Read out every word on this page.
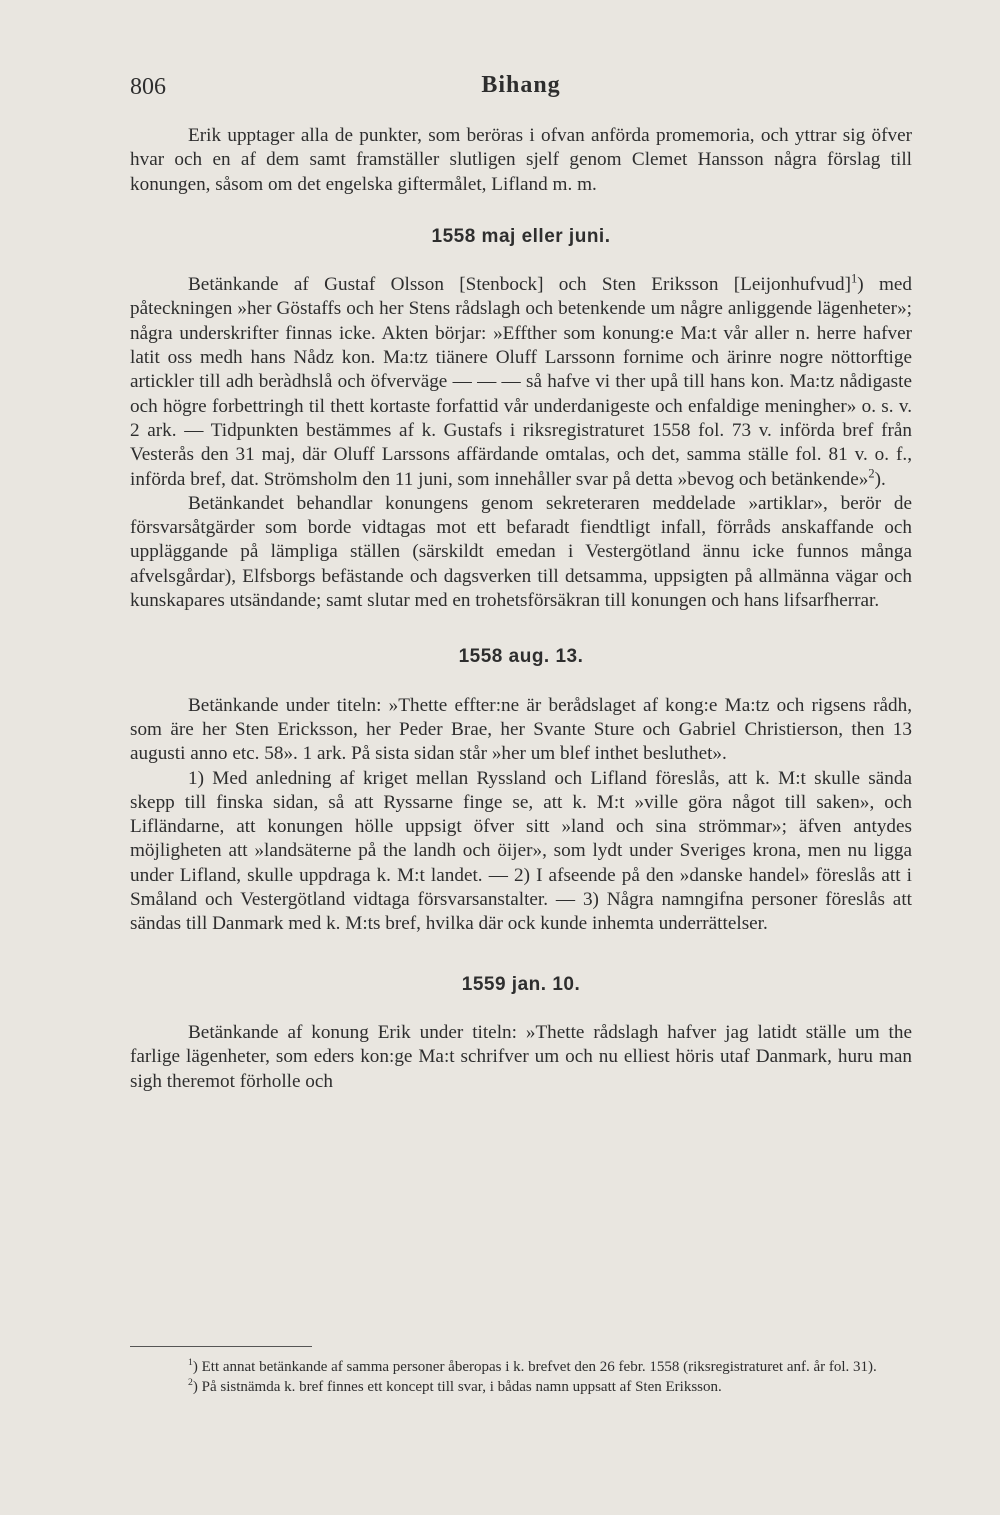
806	Bihang

Erik upptager alla de punkter, som beröras i ofvan anförda promemoria, och yttrar sig öfver hvar och en af dem samt framställer slutligen sjelf genom Clemet Hansson några förslag till konungen, såsom om det engelska giftermålet, Lifland m. m.

1558 maj eller juni.

Betänkande af Gustaf Olsson [Stenbock] och Sten Eriksson [Leijonhufvud]$^1$) med påteckningen »her Göstaffs och her Stens rådslagh och betenkende um någre anliggende lägenheter»; några underskrifter finnas icke. Akten börjar: »Effther som konung:e Ma:t vår aller n. herre hafver latit oss medh hans Nådz kon. Ma:tz tiänere Oluff Larssonn fornime och ärinre nogre nöttorftige artickler till adh beràdhslå och öfverväge — — — så hafve vi ther upå till hans kon. Ma:tz nådigaste och högre forbettringh til thett kortaste forfattid vår underdanigeste och enfaldige meningher» o. s. v. 2 ark. — Tidpunkten bestämmes af k. Gustafs i riksregistraturet 1558 fol. 73 v. införda bref från Vesterås den 31 maj, där Oluff Larssons affärdande omtalas, och det, samma ställe fol. 81 v. o. f., införda bref, dat. Strömsholm den 11 juni, som innehåller svar på detta »bevog och betänkende»$^2$).

Betänkandet behandlar konungens genom sekreteraren meddelade »artiklar», berör de försvarsåtgärder som borde vidtagas mot ett befaradt fiendtligt infall, förråds anskaffande och uppläggande på lämpliga ställen (särskildt emedan i Vestergötland ännu icke funnos många afvelsgårdar), Elfsborgs befästande och dagsverken till detsamma, uppsigten på allmänna vägar och kunskapares utsändande; samt slutar med en trohetsförsäkran till konungen och hans lifsarfherrar.

1558 aug. 13.

Betänkande under titeln: »Thette effter:ne är berådslaget af kong:e Ma:tz och rigsens rådh, som äre her Sten Ericksson, her Peder Brae, her Svante Sture och Gabriel Christierson, then 13 augusti anno etc. 58». 1 ark. På sista sidan står »her um blef inthet besluthet».

1) Med anledning af kriget mellan Ryssland och Lifland föreslås, att k. M:t skulle sända skepp till finska sidan, så att Ryssarne finge se, att k. M:t »ville göra något till saken», och Lifländarne, att konungen hölle uppsigt öfver sitt »land och sina strömmar»; äfven antydes möjligheten att »landsäterne på the landh och öijer», som lydt under Sveriges krona, men nu ligga under Lifland, skulle uppdraga k. M:t landet. — 2) I afseende på den »danske handel» föreslås att i Småland och Vestergötland vidtaga försvarsanstalter. — 3) Några namngifna personer föreslås att sändas till Danmark med k. M:ts bref, hvilka där ock kunde inhemta underrättelser.

1559 jan. 10.

Betänkande af konung Erik under titeln: »Thette rådslagh hafver jag latidt ställe um the farlige lägenheter, som eders kon:ge Ma:t schrifver um och nu elliest höris utaf Danmark, huru man sigh theremot förholle och

$^1$) Ett annat betänkande af samma personer åberopas i k. brefvet den 26 febr. 1558 (riksregistraturet anf. år fol. 31).

$^2$) På sistnämda k. bref finnes ett koncept till svar, i bådas namn uppsatt af Sten Eriksson.
